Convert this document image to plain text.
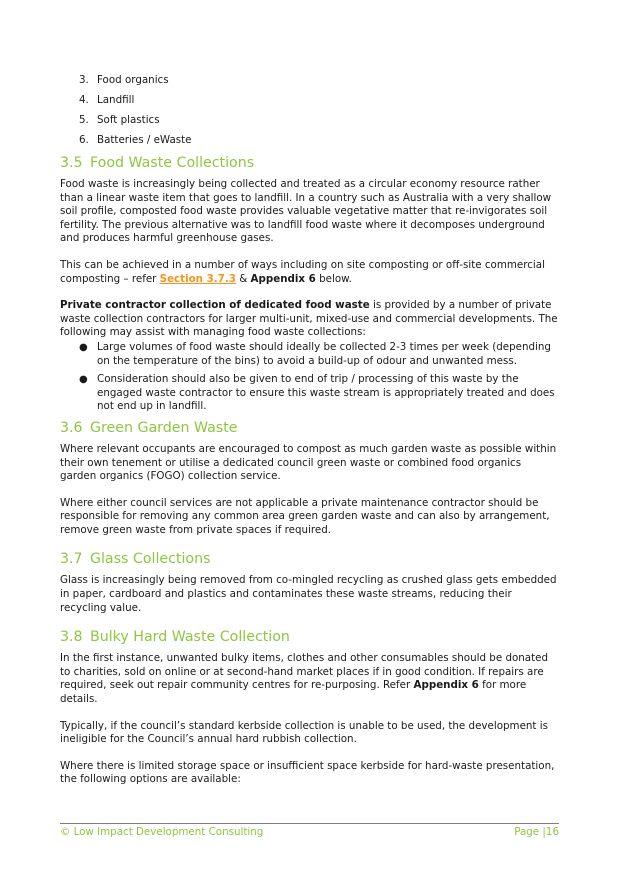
3. Food organics
4. Landfill
5. Soft plastics
6. Batteries / eWaste
3.5 Food Waste Collections

Food waste is increasingly being collected and treated as a circular economy resource rather than a linear waste item that goes to landfill. In a country such as Australia with a very shallow soil profile, composted food waste provides valuable vegetative matter that re-invigorates soil fertility. The previous alternative was to landfill food waste where it decomposes underground and produces harmful greenhouse gases.

This can be achieved in a number of ways including on site composting or off-site commercial composting – refer Section 3.7.3 & Appendix 6 below.

Private contractor collection of dedicated food waste is provided by a number of private waste collection contractors for larger multi-unit, mixed-use and commercial developments. The following may assist with managing food waste collections:

● Large volumes of food waste should ideally be collected 2-3 times per week (depending on the temperature of the bins) to avoid a build-up of odour and unwanted mess.
● Consideration should also be given to end of trip / processing of this waste by the engaged waste contractor to ensure this waste stream is appropriately treated and does not end up in landfill.
3.6 Green Garden Waste

Where relevant occupants are encouraged to compost as much garden waste as possible within their own tenement or utilise a dedicated council green waste or combined food organics garden organics (FOGO) collection service.

Where either council services are not applicable a private maintenance contractor should be responsible for removing any common area green garden waste and can also by arrangement, remove green waste from private spaces if required.

3.7 Glass Collections

Glass is increasingly being removed from co-mingled recycling as crushed glass gets embedded in paper, cardboard and plastics and contaminates these waste streams, reducing their recycling value.

3.8 Bulky Hard Waste Collection

In the first instance, unwanted bulky items, clothes and other consumables should be donated to charities, sold on online or at second-hand market places if in good condition. If repairs are required, seek out repair community centres for re-purposing. Refer Appendix 6 for more details.

Typically, if the council’s standard kerbside collection is unable to be used, the development is ineligible for the Council’s annual hard rubbish collection.

Where there is limited storage space or insufficient space kerbside for hard-waste presentation, the following options are available:

© Low Impact Development Consulting	Page |16
